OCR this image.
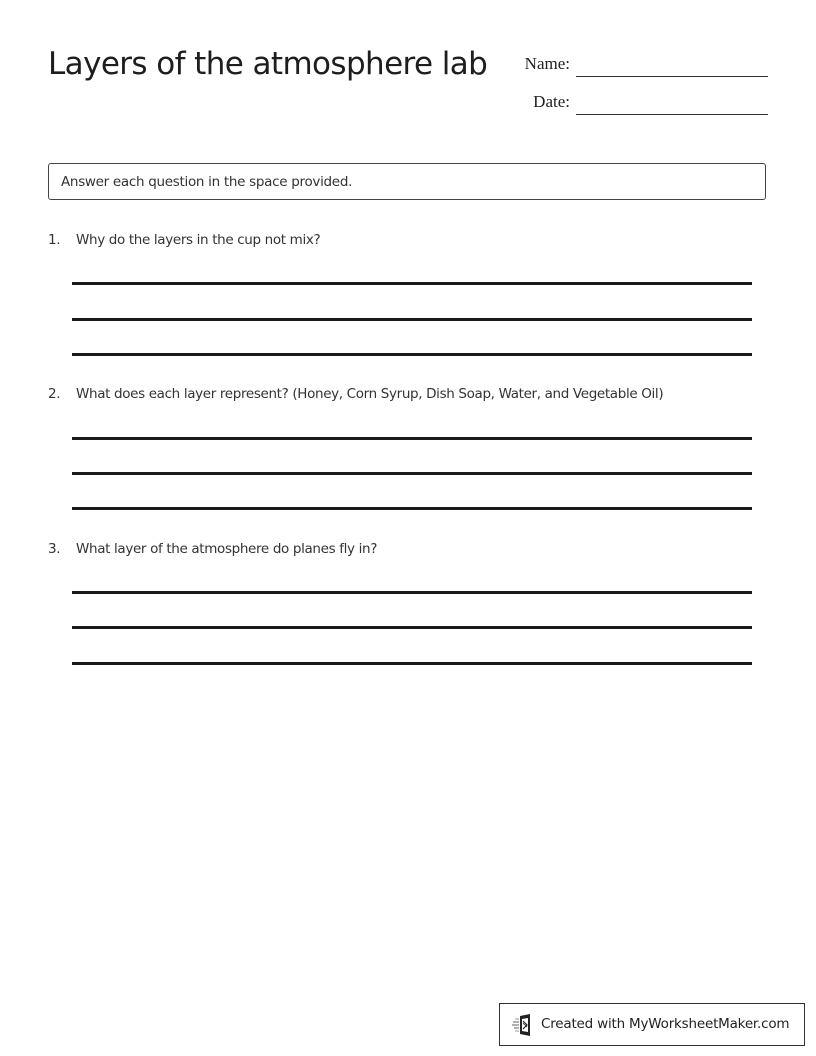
Layers of the atmosphere lab	Name:
Date:
Answer each question in the space provided.
1. Why do the layers in the cup not mix?
2. What does each layer represent? (Honey, Corn Syrup, Dish Soap, Water, and Vegetable Oil)
3. What layer of the atmosphere do planes fly in?
Created with MyWorksheetMaker.com
